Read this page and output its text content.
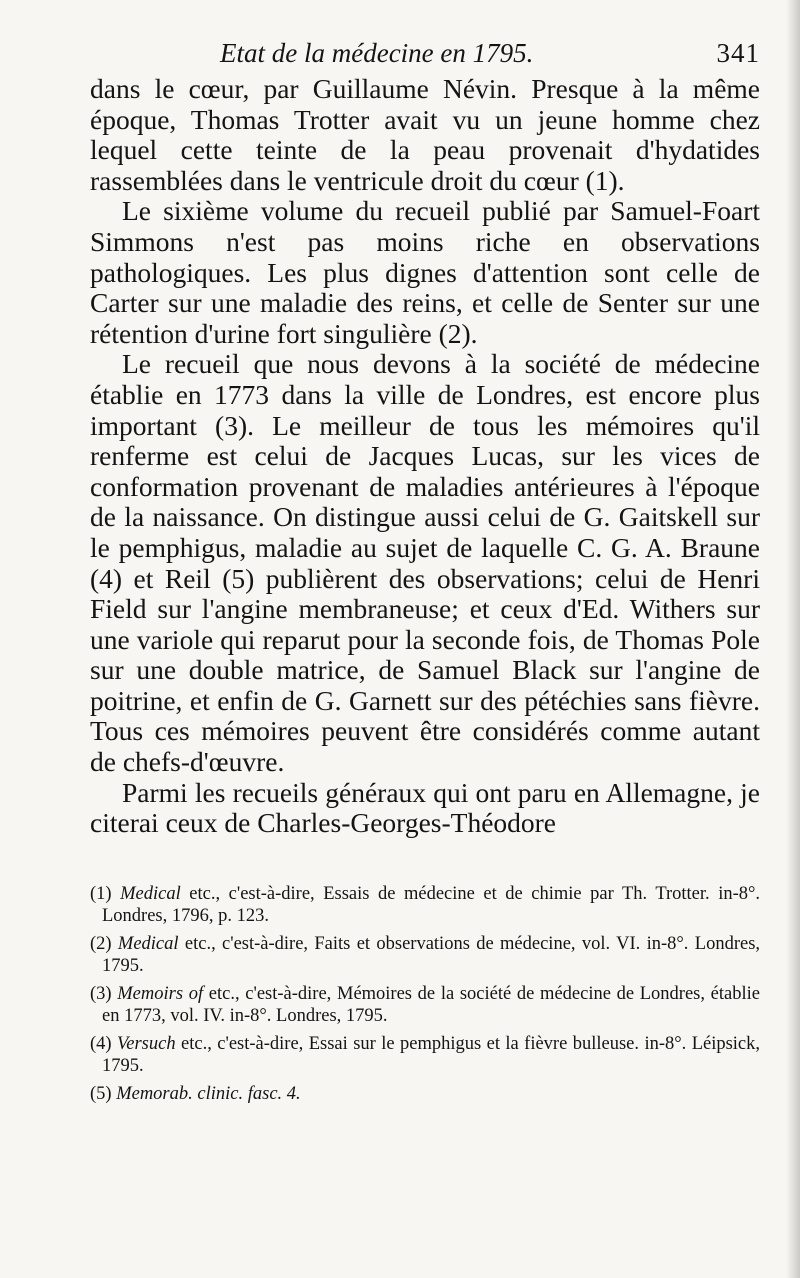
Etat de la médecine en 1795.	341

dans le cœur, par Guillaume Névin. Presque à la même époque, Thomas Trotter avait vu un jeune homme chez lequel cette teinte de la peau provenait d'hydatides rassemblées dans le ventricule droit du cœur (1).

Le sixième volume du recueil publié par Samuel-Foart Simmons n'est pas moins riche en observations pathologiques. Les plus dignes d'attention sont celle de Carter sur une maladie des reins, et celle de Senter sur une rétention d'urine fort singulière (2).

Le recueil que nous devons à la société de médecine établie en 1773 dans la ville de Londres, est encore plus important (3). Le meilleur de tous les mémoires qu'il renferme est celui de Jacques Lucas, sur les vices de conformation provenant de maladies antérieures à l'époque de la naissance. On distingue aussi celui de G. Gaitskell sur le pemphigus, maladie au sujet de laquelle C. G. A. Braune (4) et Reil (5) publièrent des observations; celui de Henri Field sur l'angine membraneuse; et ceux d'Ed. Withers sur une variole qui reparut pour la seconde fois, de Thomas Pole sur une double matrice, de Samuel Black sur l'angine de poitrine, et enfin de G. Garnett sur des pétéchies sans fièvre. Tous ces mémoires peuvent être considérés comme autant de chefs-d'œuvre.

Parmi les recueils généraux qui ont paru en Allemagne, je citerai ceux de Charles-Georges-Théodore

(1) Medical etc., c'est-à-dire, Essais de médecine et de chimie par Th. Trotter. in-8°. Londres, 1796, p. 123.

(2) Medical etc., c'est-à-dire, Faits et observations de médecine, vol. VI. in-8°. Londres, 1795.

(3) Memoirs of etc., c'est-à-dire, Mémoires de la société de médecine de Londres, établie en 1773, vol. IV. in-8°. Londres, 1795.

(4) Versuch etc., c'est-à-dire, Essai sur le pemphigus et la fièvre bulleuse. in-8°. Léipsick, 1795.

(5) Memorab. clinic. fasc. 4.
